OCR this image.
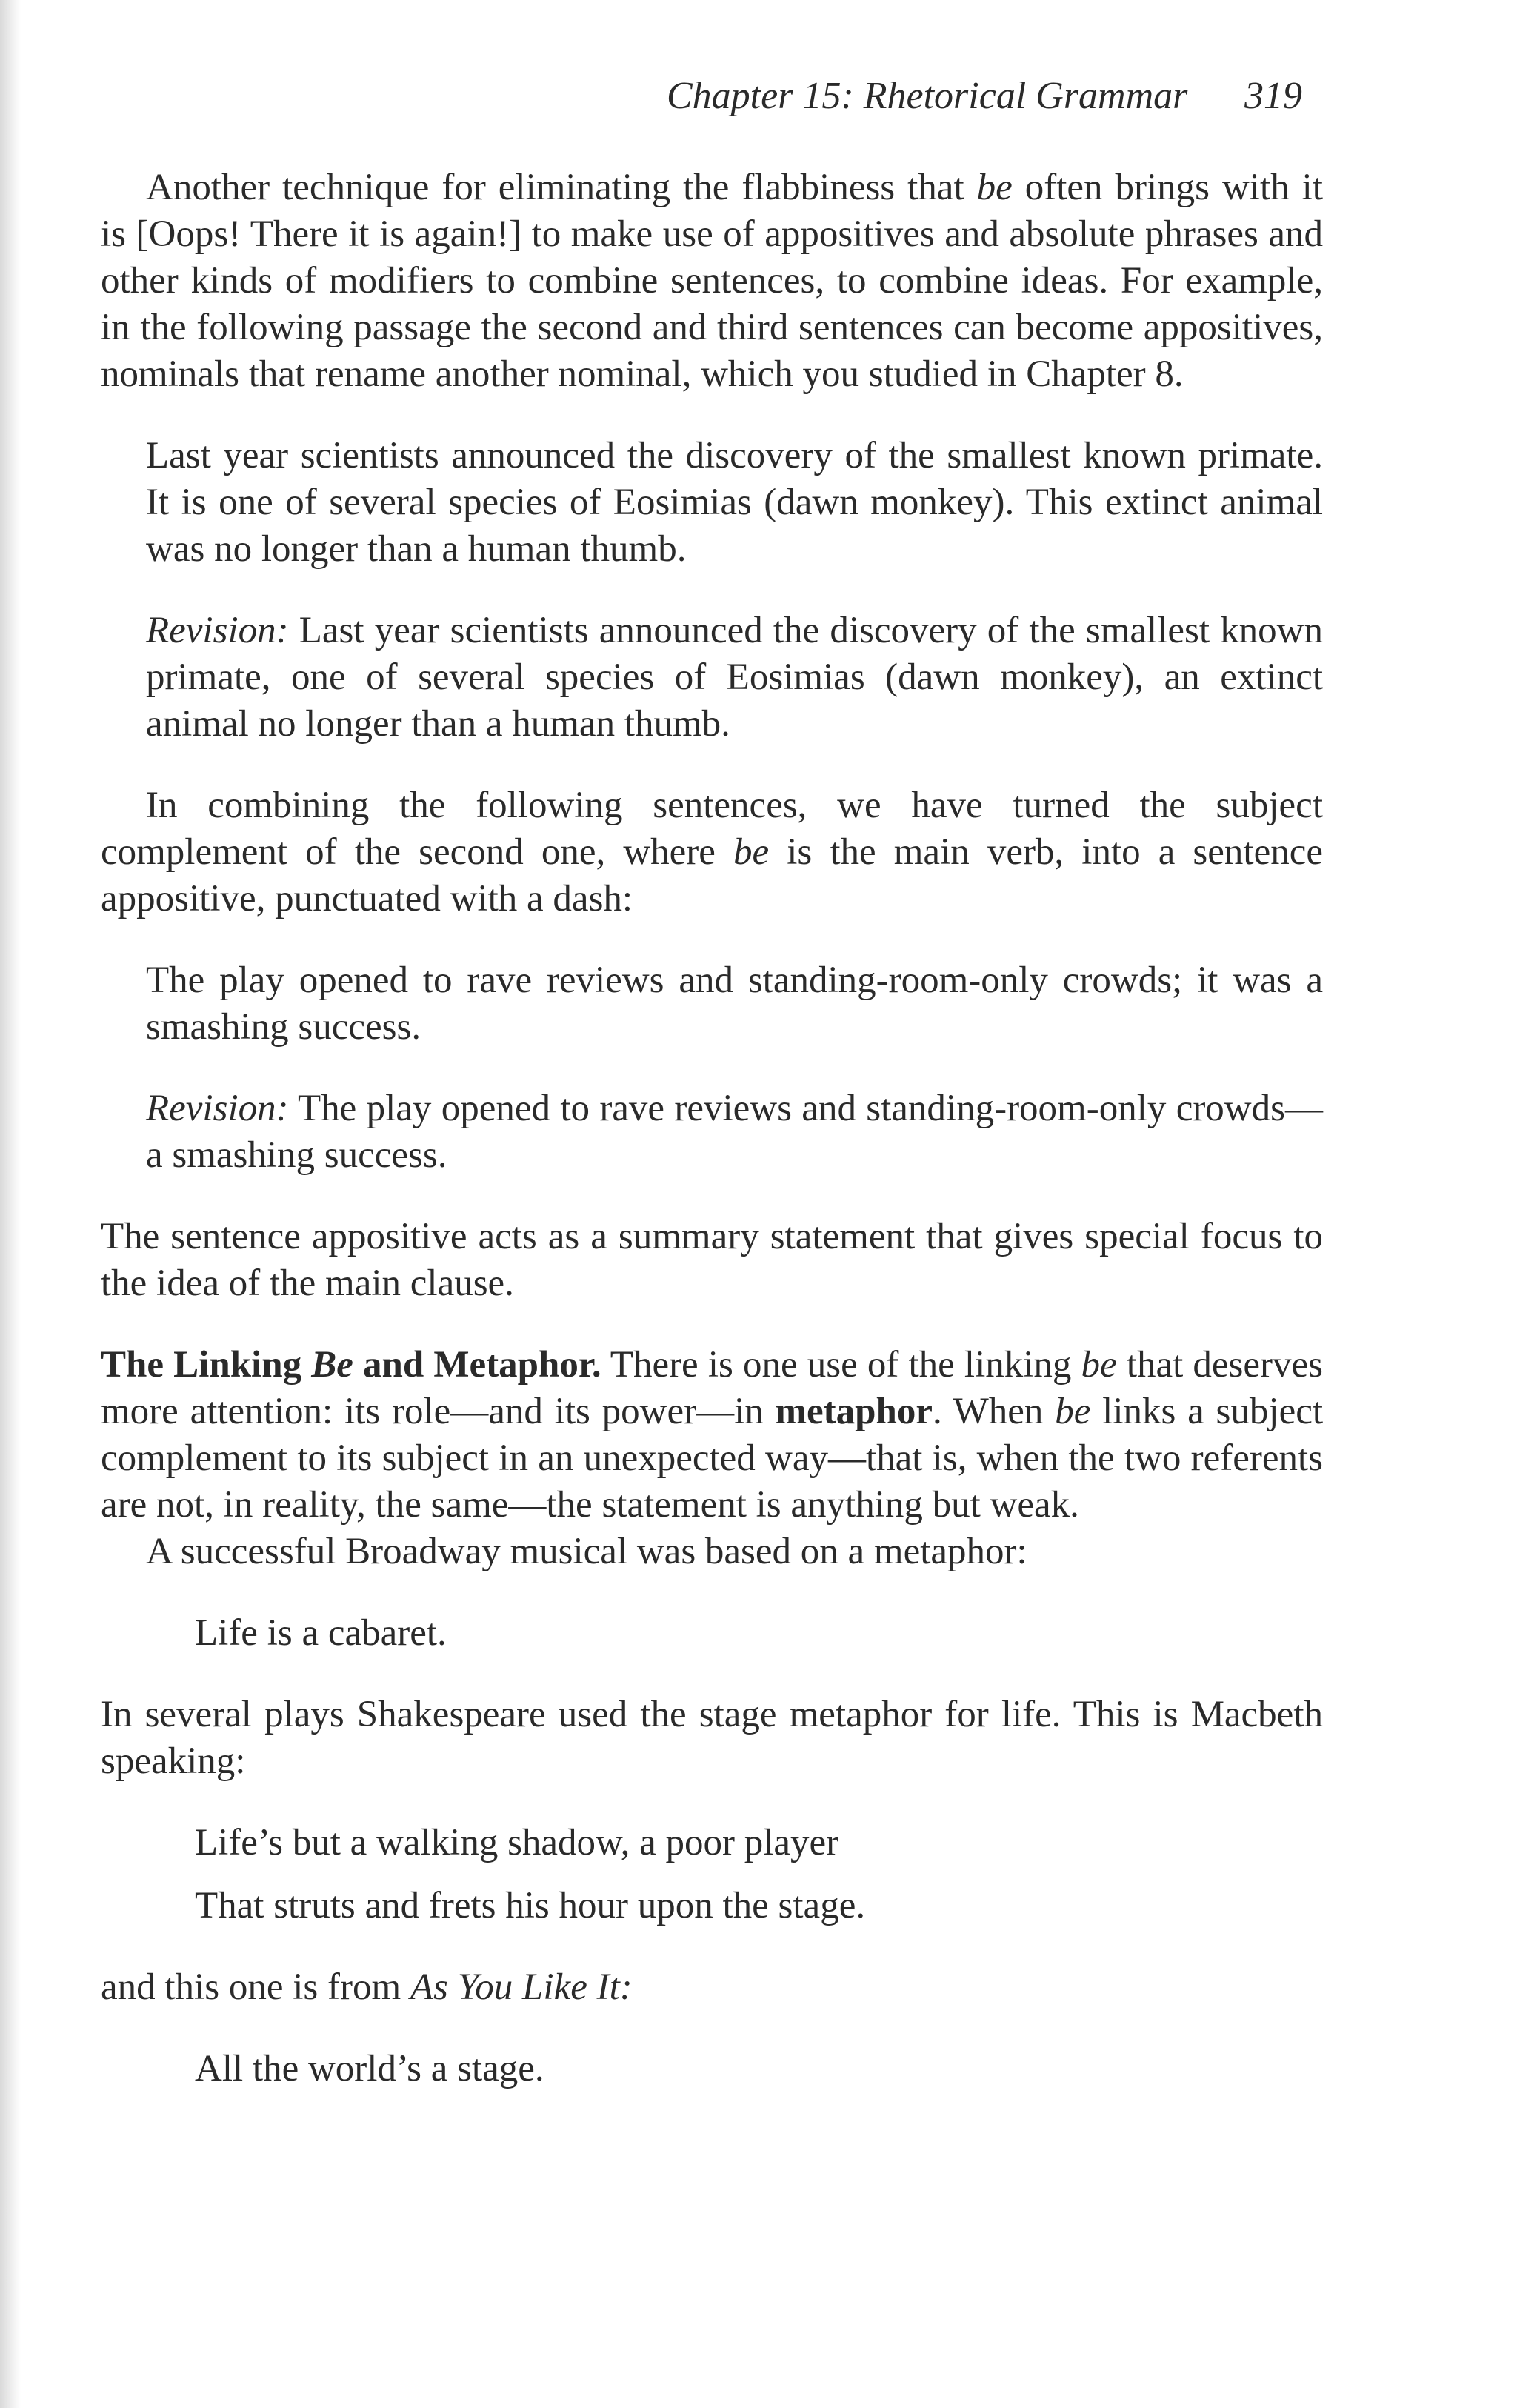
Chapter 15: Rhetorical Grammar 319

Another technique for eliminating the flabbiness that be often brings with it is [Oops! There it is again!] to make use of appositives and absolute phrases and other kinds of modifiers to combine sentences, to combine ideas. For example, in the following passage the second and third sentences can become appositives, nominals that rename another nominal, which you studied in Chapter 8.

Last year scientists announced the discovery of the smallest known primate. It is one of several species of Eosimias (dawn monkey). This extinct animal was no longer than a human thumb.

Revision: Last year scientists announced the discovery of the smallest known primate, one of several species of Eosimias (dawn monkey), an extinct animal no longer than a human thumb.

In combining the following sentences, we have turned the subject complement of the second one, where be is the main verb, into a sentence appositive, punctuated with a dash:

The play opened to rave reviews and standing-room-only crowds; it was a smashing success.

Revision: The play opened to rave reviews and standing-room-only crowds—a smashing success.

The sentence appositive acts as a summary statement that gives special focus to the idea of the main clause.

The Linking Be and Metaphor. There is one use of the linking be that deserves more attention: its role—and its power—in metaphor. When be links a subject complement to its subject in an unexpected way—that is, when the two referents are not, in reality, the same—the statement is anything but weak.

A successful Broadway musical was based on a metaphor:

Life is a cabaret.

In several plays Shakespeare used the stage metaphor for life. This is Macbeth speaking:

Life’s but a walking shadow, a poor player

That struts and frets his hour upon the stage.

and this one is from As You Like It:

All the world’s a stage.
